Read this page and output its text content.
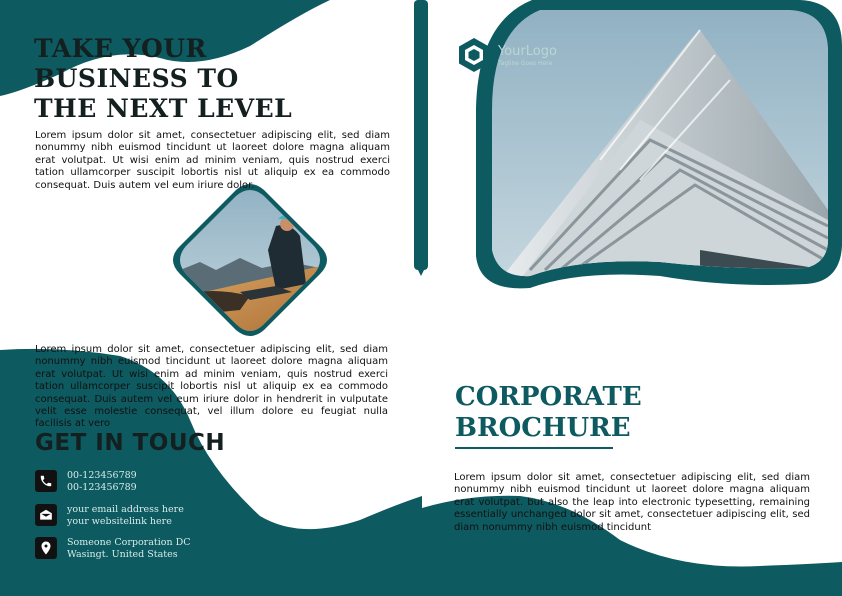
TAKE YOUR
BUSINESS TO
THE NEXT LEVEL

Lorem ipsum dolor sit amet, consectetuer adipiscing elit, sed diam nonummy nibh euismod tincidunt ut laoreet dolore magna aliquam erat volutpat. Ut wisi enim ad minim veniam, quis nostrud exerci tation ullamcorper suscipit lobortis nisl ut aliquip ex ea commodo consequat. Duis autem vel eum iriure dolor.

Lorem ipsum dolor sit amet, consectetuer adipiscing elit, sed diam nonummy nibh euismod tincidunt ut laoreet dolore magna aliquam erat volutpat. Ut wisi enim ad minim veniam, quis nostrud exerci tation ullamcorper suscipit lobortis nisl ut aliquip ex ea commodo consequat. Duis autem vel eum iriure dolor in hendrerit in vulputate velit esse molestie consequat, vel illum dolore eu feugiat nulla facilisis at vero

GET IN TOUCH
00-123456789
00-123456789
your email address here
your websitelink here
Someone Corporation DC
Wasingt. United States
YourLogo
Tagline Goes Here
CORPORATE
BROCHURE

Lorem ipsum dolor sit amet, consectetuer adipiscing elit, sed diam nonummy nibh euismod tincidunt ut laoreet dolore magna aliquam erat volutpat. but also the leap into electronic typesetting, remaining essentially unchanged dolor sit amet, consectetuer adipiscing elit, sed diam nonummy nibh euismod tincidunt
